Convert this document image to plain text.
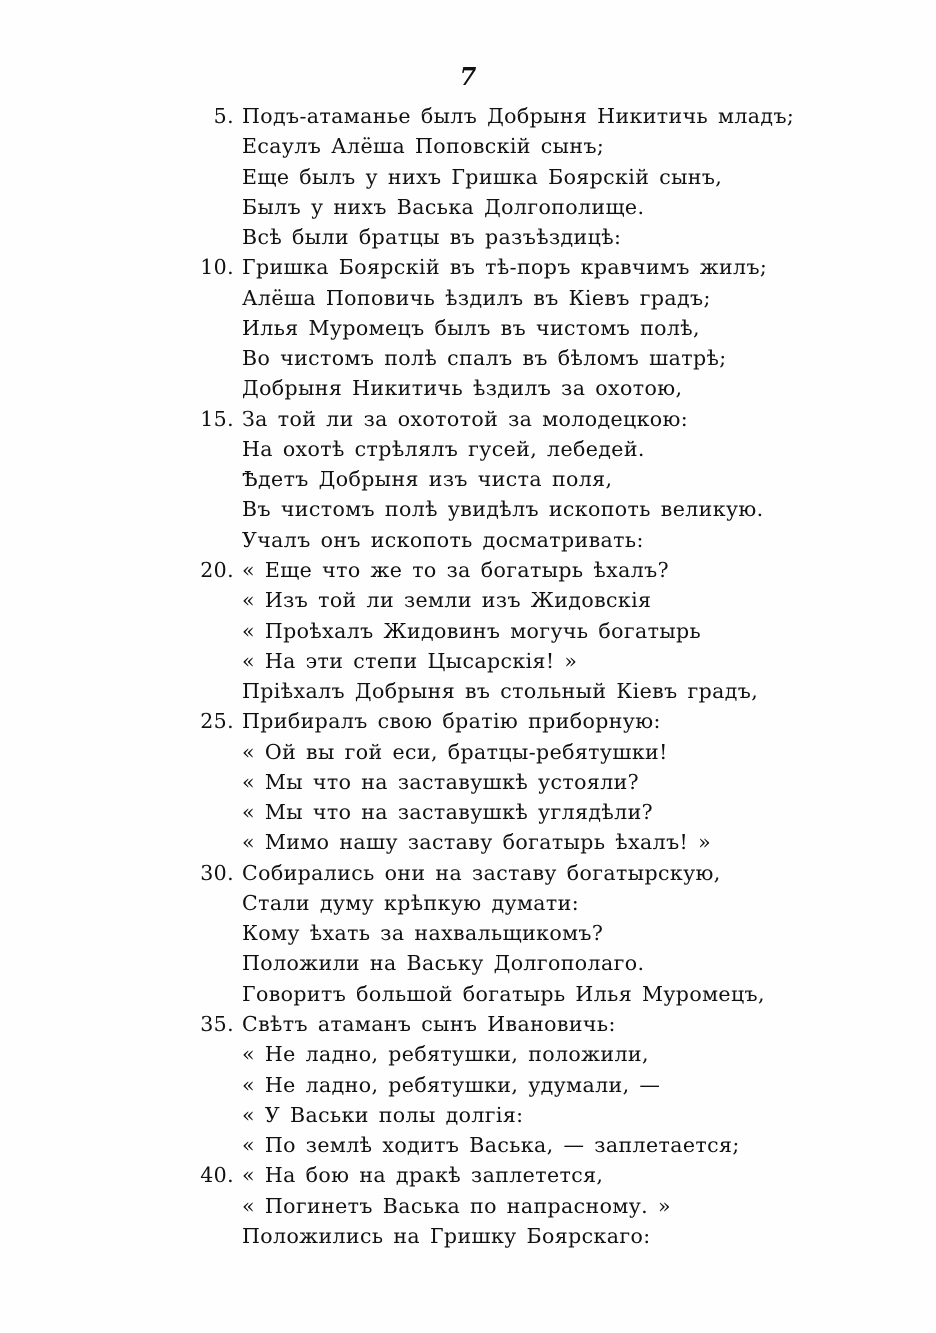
7
5. Подъ-атаманье былъ Добрыня Никитичь младъ;
Есаулъ Алёша Поповскій сынъ;
Еще былъ у нихъ Гришка Боярскій сынъ,
Былъ у нихъ Васька Долгополище.
Всѣ были братцы въ разъѣздицѣ:
10. Гришка Боярскій въ тѣ-поръ кравчимъ жилъ;
Алёша Поповичь ѣздилъ въ Кіевъ градъ;
Илья Муромецъ былъ въ чистомъ полѣ,
Во чистомъ полѣ спалъ въ бѣломъ шатрѣ;
Добрыня Никитичь ѣздилъ за охотою,
15. За той ли за охототой за молодецкою:
На охотѣ стрѣлялъ гусей, лебедей.
Ѣдетъ Добрыня изъ чиста поля,
Въ чистомъ полѣ увидѣлъ ископоть великую.
Учалъ онъ ископоть досматривать:
20. « Еще что же то за богатырь ѣхалъ?
« Изъ той ли земли изъ Жидовскія
« Проѣхалъ Жидовинъ могучь богатырь
« На эти степи Цысарскія! »
Пріѣхалъ Добрыня въ стольный Кіевъ градъ,
25. Прибиралъ свою братію приборную:
« Ой вы гой еси, братцы-ребятушки!
« Мы что на заставушкѣ устояли?
« Мы что на заставушкѣ углядѣли?
« Мимо нашу заставу богатырь ѣхалъ! »
30. Собирались они на заставу богатырскую,
Стали думу крѣпкую думати:
Кому ѣхать за нахвальщикомъ?
Положили на Ваську Долгополаго.
Говоритъ большой богатырь Илья Муромецъ,
35. Свѣтъ атаманъ сынъ Ивановичь:
« Не ладно, ребятушки, положили,
« Не ладно, ребятушки, удумали, —
« У Васьки полы долгія:
« По землѣ ходитъ Васька, — заплетается;
40. « На бою на дракѣ заплетется,
« Погинетъ Васька по напрасному. »
Положились на Гришку Боярскаго:
